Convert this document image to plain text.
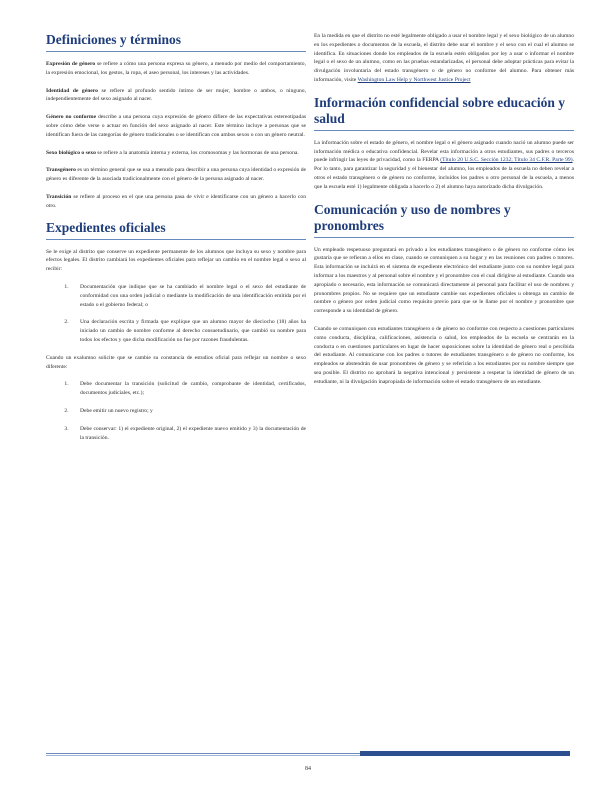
Definiciones y términos

Expresión de género se refiere a cómo una persona expresa su género, a menudo por medio del comportamiento, la expresión emocional, los gestos, la ropa, el aseo personal, los intereses y las actividades.

Identidad de género se refiere al profundo sentido íntimo de ser mujer, hombre o ambos, o ninguno, independientemente del sexo asignado al nacer.

Género no conforme describe a una persona cuya expresión de género difiere de las expectativas estereotipadas sobre cómo debe verse o actuar en función del sexo asignado al nacer. Este término incluye a personas que se identifican fuera de las categorías de género tradicionales o se identifican con ambos sexos o con un género neutral.

Sexo biológico o sexo se refiere a la anatomía interna y externa, los cromosomas y las hormonas de una persona.

Transgénero es un término general que se usa a menudo para describir a una persona cuya identidad o expresión de género es diferente de la asociada tradicionalmente con el género de la persona asignado al nacer.

Transición se refiere al proceso en el que una persona pasa de vivir e identificarse con un género a hacerlo con otro.

Expedientes oficiales

Se le exige al distrito que conserve un expediente permanente de los alumnos que incluya su sexo y nombre para efectos legales. El distrito cambiará los expedientes oficiales para reflejar un cambio en el nombre legal o sexo al recibir:

1. Documentación que indique que se ha cambiado el nombre legal o el sexo del estudiante de conformidad con una orden judicial o mediante la modificación de una identificación emitida por el estado o el gobierno federal; o
2. Una declaración escrita y firmada que explique que un alumno mayor de dieciocho (18) años ha iniciado un cambio de nombre conforme al derecho consuetudinario, que cambió su nombre para todos los efectos y que dicha modificación no fue por razones fraudulentas.

Cuando un exalumno solicite que se cambie su constancia de estudios oficial para reflejar un nombre o sexo diferente:

1. Debe documentar la transición (solicitud de cambio, comprobante de identidad, certificados, documentos judiciales, etc.);
2. Debe emitir un nuevo registro; y
3. Debe conservar: 1) el expediente original, 2) el expediente nuevo emitido y 3) la documentación de la transición.

En la medida en que el distrito no esté legalmente obligado a usar el nombre legal y el sexo biológico de un alumno en los expedientes o documentos de la escuela, el distrito debe usar el nombre y el sexo con el cual el alumno se identifica. En situaciones donde los empleados de la escuela estén obligados por ley a usar o informar el nombre legal o el sexo de un alumno, como en las pruebas estandarizadas, el personal debe adoptar prácticas para evitar la divulgación involuntaria del estado transgénero o de género no conforme del alumno. Para obtener más información, visite Washington Law Help y Northwest Justice Project

Información confidencial sobre educación y salud

La información sobre el estado de género, el nombre legal o el género asignado cuando nació un alumno puede ser información médica o educativa confidencial. Revelar esta información a otros estudiantes, sus padres o terceros puede infringir las leyes de privacidad, como la FERPA (Título 20 U.S.C. Sección 1232; Título 34 C.F.R. Parte 99). Por lo tanto, para garantizar la seguridad y el bienestar del alumno, los empleados de la escuela no deben revelar a otros el estado transgénero o de género no conforme, incluidos los padres u otro personal de la escuela, a menos que la escuela esté 1) legalmente obligada a hacerlo o 2) el alumno haya autorizado dicha divulgación.

Comunicación y uso de nombres y pronombres

Un empleado respetuoso preguntará en privado a los estudiantes transgénero o de género no conforme cómo les gustaría que se refieran a ellos en clase, cuando se comuniquen a su hogar y en las reuniones con padres o tutores. Esta información se incluirá en el sistema de expediente electrónico del estudiante junto con su nombre legal para informar a los maestros y al personal sobre el nombre y el pronombre con el cual dirigirse al estudiante. Cuando sea apropiado o necesario, esta información se comunicará directamente al personal para facilitar el uso de nombres y pronombres propios. No se requiere que un estudiante cambie sus expedientes oficiales u obtenga un cambio de nombre o género por orden judicial como requisito previo para que se le llame por el nombre y pronombre que corresponde a su identidad de género.

Cuando se comuniquen con estudiantes transgénero o de género no conforme con respecto a cuestiones particulares como conducta, disciplina, calificaciones, asistencia o salud, los empleados de la escuela se centrarán en la conducta o en cuestiones particulares en lugar de hacer suposiciones sobre la identidad de género real o percibida del estudiante. Al comunicarse con los padres o tutores de estudiantes transgénero o de género no conforme, los empleados se abstendrán de usar pronombres de género y se referirán a los estudiantes por su nombre siempre que sea posible. El distrito no aprobará la negativa intencional y persistente a respetar la identidad de género de un estudiante, ni la divulgación inapropiada de información sobre el estado transgénero de un estudiante.

84
